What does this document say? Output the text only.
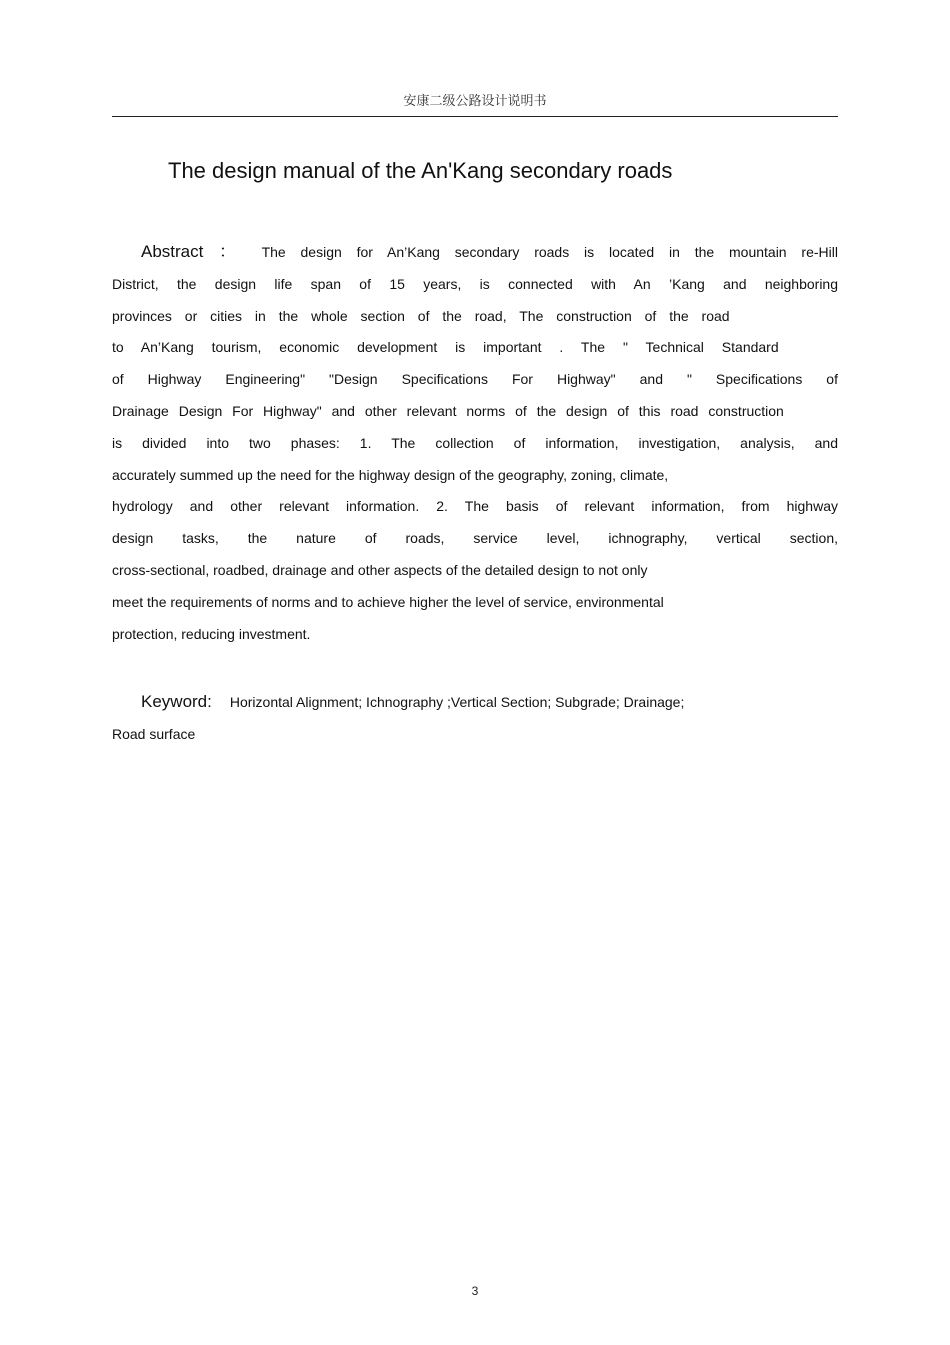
安康二级公路设计说明书
The design manual of the An'Kang secondary roads
Abstract ： The design for An’Kang secondary roads is located in the mountain re-Hill
District, the design life span of 15 years, is connected with An ’Kang and neighboring
provinces or cities in the whole section of the road, The construction of the road
to An’Kang tourism, economic development is important . The " Technical Standard
of Highway Engineering" "Design Specifications For Highway" and " Specifications of
Drainage Design For Highway" and other relevant norms of the design of this road construction
is divided into two phases: 1. The collection of information, investigation, analysis, and
accurately summed up the need for the highway design of the geography, zoning, climate,
hydrology and other relevant information. 2. The basis of relevant information, from highway
design tasks, the nature of roads, service level, ichnography, vertical section,
cross-sectional, roadbed, drainage and other aspects of the detailed design to not only
meet the requirements of norms and to achieve higher the level of service, environmental
protection, reducing investment.
Keyword: Horizontal Alignment; Ichnography ;Vertical Section; Subgrade; Drainage;
Road surface
3
